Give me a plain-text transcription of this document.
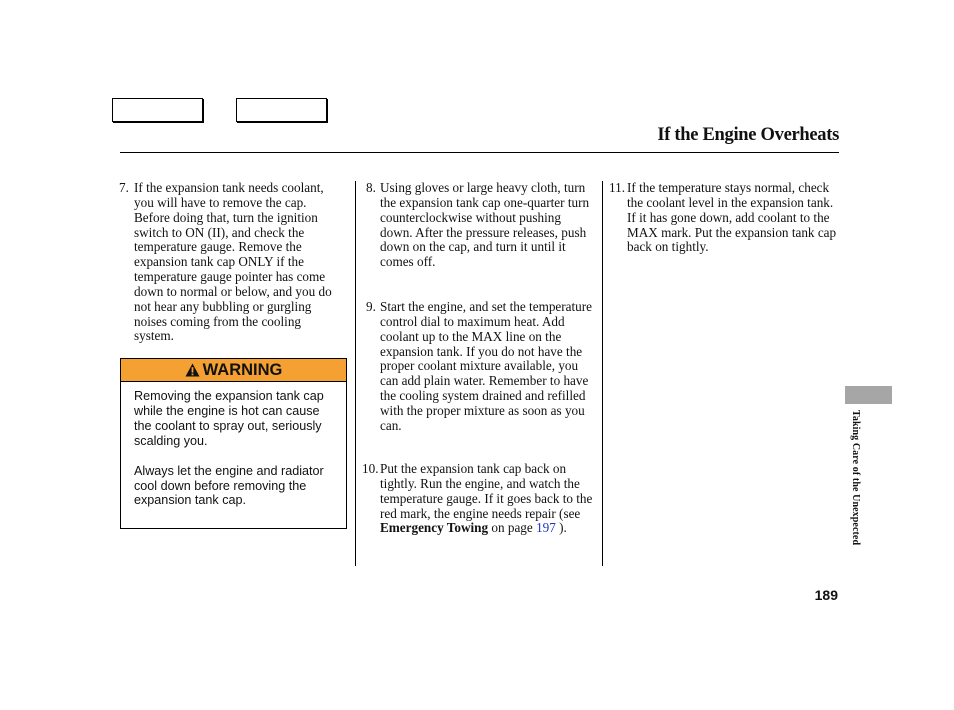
If the Engine Overheats
7. If the expansion tank needs coolant, you will have to remove the cap. Before doing that, turn the ignition switch to ON (II), and check the temperature gauge. Remove the expansion tank cap ONLY if the temperature gauge pointer has come down to normal or below, and you do not hear any bubbling or gurgling noises coming from the cooling system.
WARNING

Removing the expansion tank cap while the engine is hot can cause the coolant to spray out, seriously scalding you.

Always let the engine and radiator cool down before removing the expansion tank cap.

8. Using gloves or large heavy cloth, turn the expansion tank cap one-quarter turn counterclockwise without pushing down. After the pressure releases, push down on the cap, and turn it until it comes off.
9. Start the engine, and set the temperature control dial to maximum heat. Add coolant up to the MAX line on the expansion tank. If you do not have the proper coolant mixture available, you can add plain water. Remember to have the cooling system drained and refilled with the proper mixture as soon as you can.
10. Put the expansion tank cap back on tightly. Run the engine, and watch the temperature gauge. If it goes back to the red mark, the engine needs repair (see
Emergency Towing on page 197 ).
11. If the temperature stays normal, check the coolant level in the expansion tank. If it has gone down, add coolant to the MAX mark. Put the expansion tank cap back on tightly.
Taking Care of the Unexpected
189
